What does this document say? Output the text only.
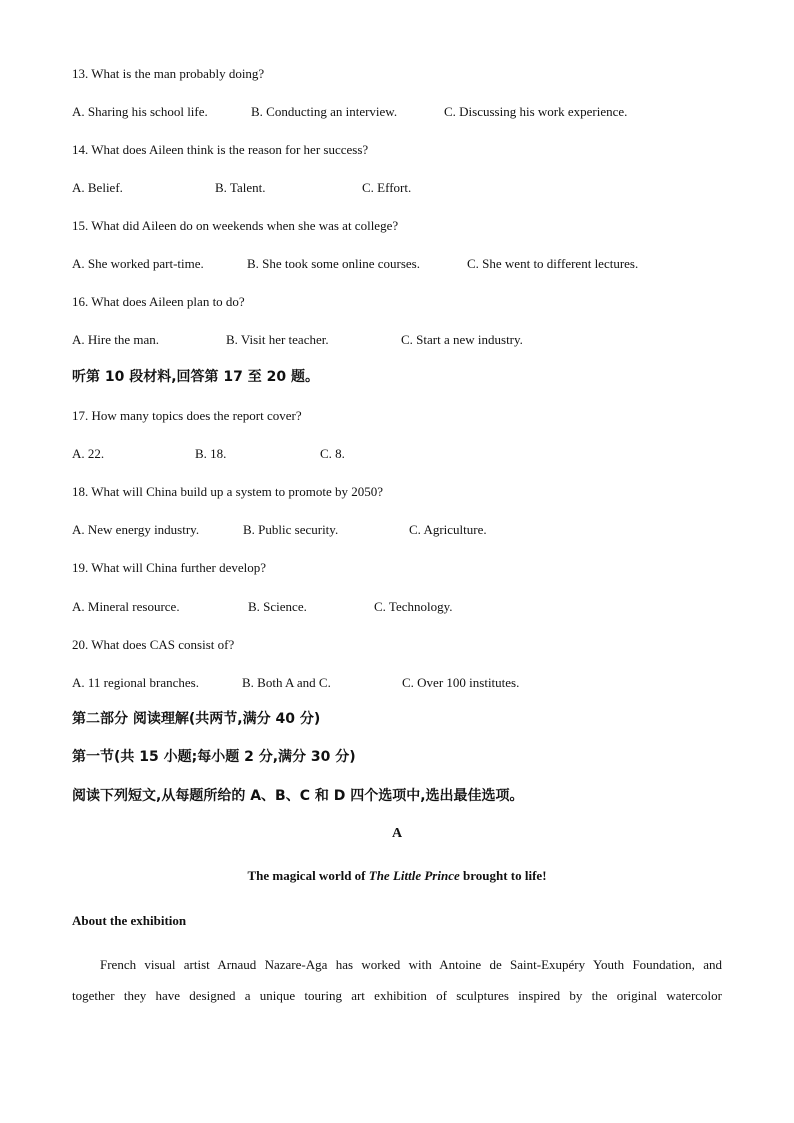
13. What is the man probably doing?
A. Sharing his school life.	B. Conducting an interview.	C. Discussing his work experience.
14. What does Aileen think is the reason for her success?
A. Belief.	B. Talent.	C. Effort.
15. What did Aileen do on weekends when she was at college?
A. She worked part-time.	B. She took some online courses.	C. She went to different lectures.
16. What does Aileen plan to do?
A. Hire the man.	B. Visit her teacher.	C. Start a new industry.
听第 10 段材料,回答第 17 至 20 题。
17. How many topics does the report cover?
A. 22.	B. 18.	C. 8.
18. What will China build up a system to promote by 2050?
A. New energy industry.	B. Public security.	C. Agriculture.
19. What will China further develop?
A. Mineral resource.	B. Science.	C. Technology.
20. What does CAS consist of?
A. 11 regional branches.	B. Both A and C.	C. Over 100 institutes.
第二部分 阅读理解(共两节,满分 40 分)
第一节(共 15 小题;每小题 2 分,满分 30 分)
阅读下列短文,从每题所给的 A、B、C 和 D 四个选项中,选出最佳选项。
A
The magical world of The Little Prince brought to life!
About the exhibition
French visual artist Arnaud Nazare-Aga has worked with Antoine de Saint-Exupéry Youth Foundation, and
together they have designed a unique touring art exhibition of sculptures inspired by the original watercolor
